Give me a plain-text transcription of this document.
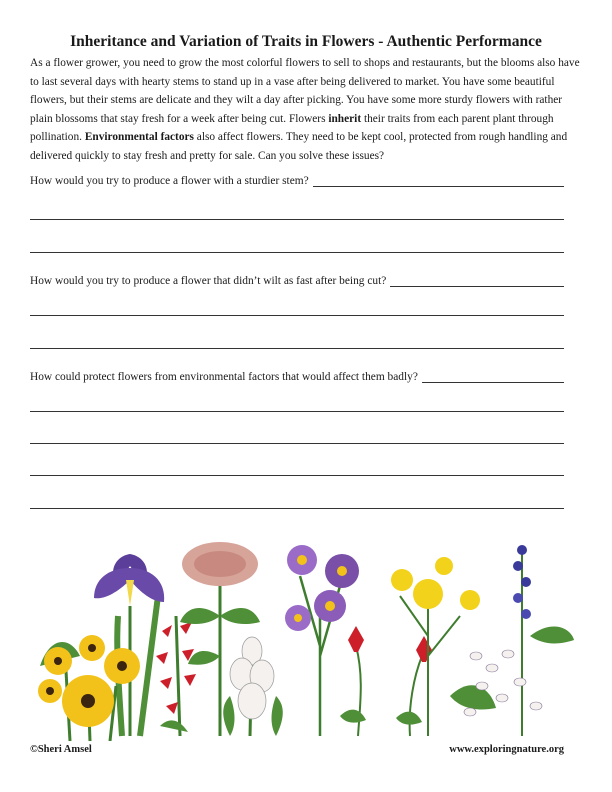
Inheritance and Variation of Traits in Flowers - Authentic Performance
As a flower grower, you need to grow the most colorful flowers to sell to shops and restaurants, but the blooms also have to last several days with hearty stems to stand up in a vase after being delivered to market. You have some beautiful flowers, but their stems are delicate and they wilt a day after picking. You have some more sturdy flowers with rather plain blossoms that stay fresh for a week after being cut. Flowers inherit their traits from each parent plant through pollination. Environmental factors also affect flowers. They need to be kept cool, protected from rough handling and delivered quickly to stay fresh and pretty for sale. Can you solve these issues?
How would you try to produce a flower with a sturdier stem?
How would you try to produce a flower that didn’t wilt as fast after being cut?
How could protect flowers from environmental factors that would affect them badly?
©Sheri Amsel	www.exploringnature.org
